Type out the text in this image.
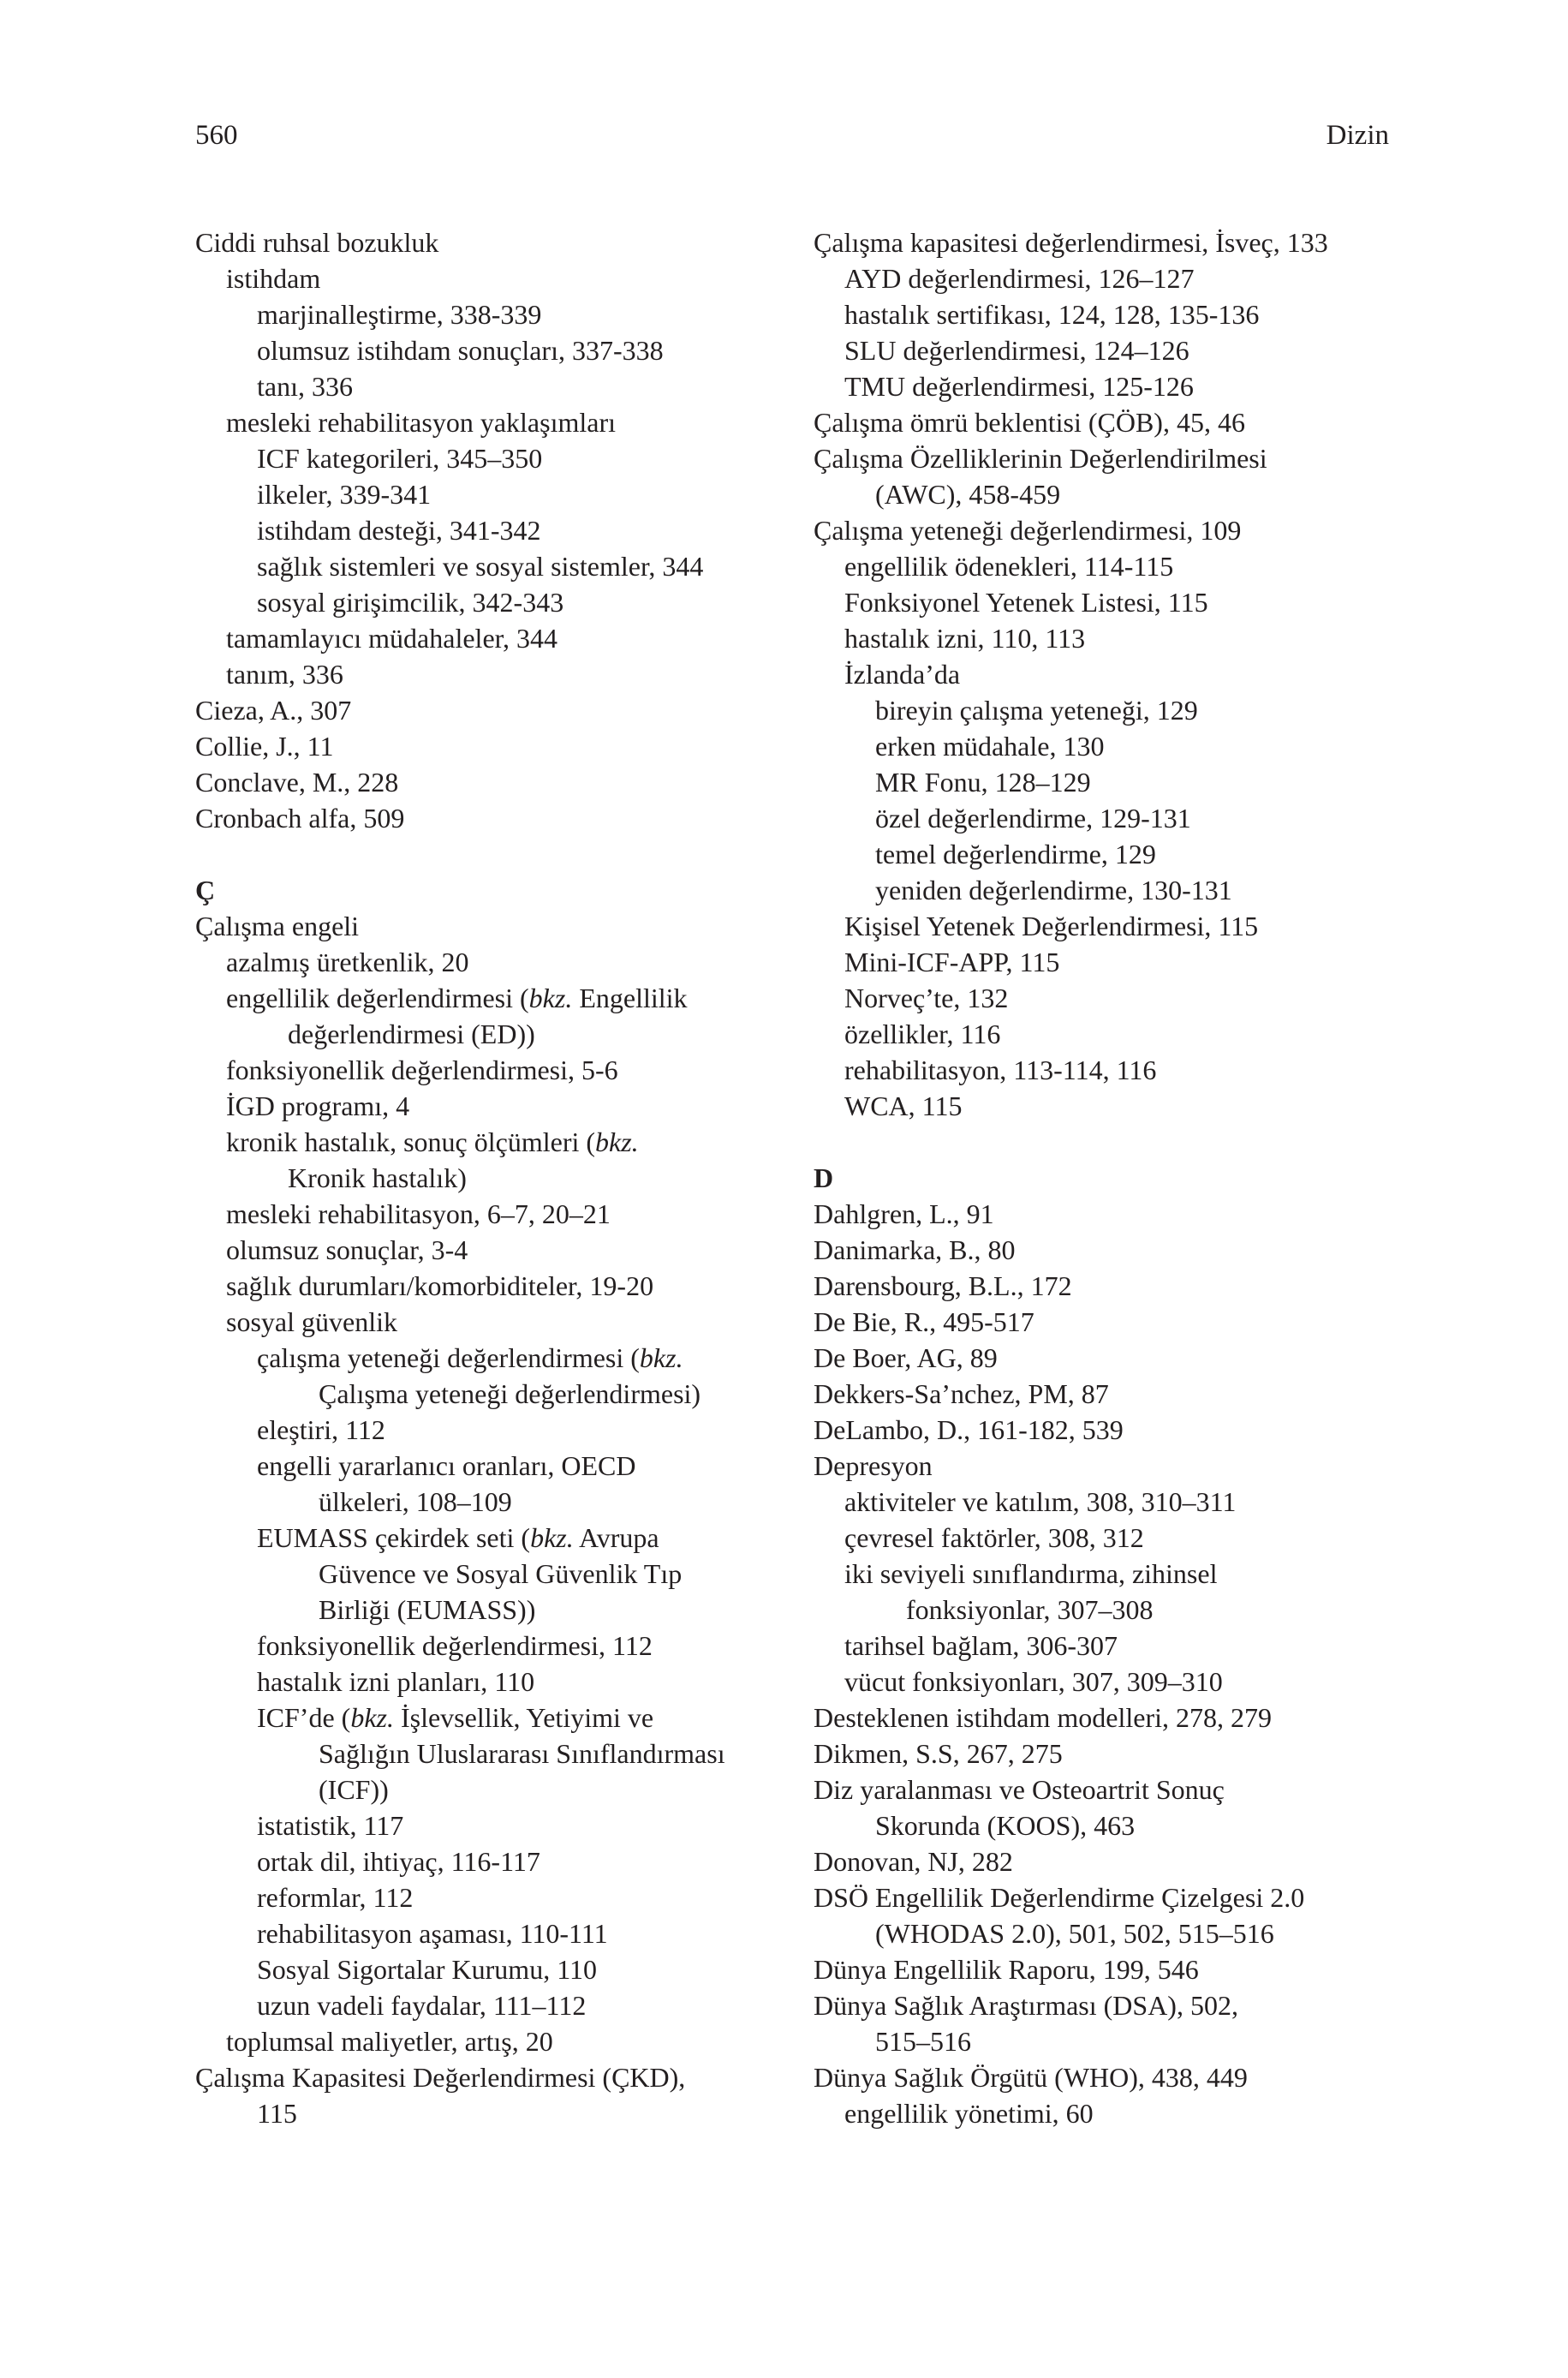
560	Dizin
Ciddi ruhsal bozukluk
istihdam
marjinalleştirme, 338-339
olumsuz istihdam sonuçları, 337-338
tanı, 336
mesleki rehabilitasyon yaklaşımları
ICF kategorileri, 345–350
ilkeler, 339-341
istihdam desteği, 341-342
sağlık sistemleri ve sosyal sistemler, 344
sosyal girişimcilik, 342-343
tamamlayıcı müdahaleler, 344
tanım, 336
Cieza, A., 307
Collie, J., 11
Conclave, M., 228
Cronbach alfa, 509
Ç
Çalışma engeli
azalmış üretkenlik, 20
engellilik değerlendirmesi (bkz. Engellilik
değerlendirmesi (ED))
fonksiyonellik değerlendirmesi, 5-6
İGD programı, 4
kronik hastalık, sonuç ölçümleri (bkz.
Kronik hastalık)
mesleki rehabilitasyon, 6–7, 20–21
olumsuz sonuçlar, 3-4
sağlık durumları/komorbiditeler, 19-20
sosyal güvenlik
çalışma yeteneği değerlendirmesi (bkz.
Çalışma yeteneği değerlendirmesi)
eleştiri, 112
engelli yararlanıcı oranları, OECD
ülkeleri, 108–109
EUMASS çekirdek seti (bkz. Avrupa
Güvence ve Sosyal Güvenlik Tıp
Birliği (EUMASS))
fonksiyonellik değerlendirmesi, 112
hastalık izni planları, 110
ICF’de (bkz. İşlevsellik, Yetiyimi ve
Sağlığın Uluslararası Sınıflandırması
(ICF))
istatistik, 117
ortak dil, ihtiyaç, 116-117
reformlar, 112
rehabilitasyon aşaması, 110-111
Sosyal Sigortalar Kurumu, 110
uzun vadeli faydalar, 111–112
toplumsal maliyetler, artış, 20
Çalışma Kapasitesi Değerlendirmesi (ÇKD),
115
Çalışma kapasitesi değerlendirmesi, İsveç, 133
AYD değerlendirmesi, 126–127
hastalık sertifikası, 124, 128, 135-136
SLU değerlendirmesi, 124–126
TMU değerlendirmesi, 125-126
Çalışma ömrü beklentisi (ÇÖB), 45, 46
Çalışma Özelliklerinin Değerlendirilmesi
(AWC), 458-459
Çalışma yeteneği değerlendirmesi, 109
engellilik ödenekleri, 114-115
Fonksiyonel Yetenek Listesi, 115
hastalık izni, 110, 113
İzlanda’da
bireyin çalışma yeteneği, 129
erken müdahale, 130
MR Fonu, 128–129
özel değerlendirme, 129-131
temel değerlendirme, 129
yeniden değerlendirme, 130-131
Kişisel Yetenek Değerlendirmesi, 115
Mini-ICF-APP, 115
Norveç’te, 132
özellikler, 116
rehabilitasyon, 113-114, 116
WCA, 115
D
Dahlgren, L., 91
Danimarka, B., 80
Darensbourg, B.L., 172
De Bie, R., 495-517
De Boer, AG, 89
Dekkers-Sa’nchez, PM, 87
DeLambo, D., 161-182, 539
Depresyon
aktiviteler ve katılım, 308, 310–311
çevresel faktörler, 308, 312
iki seviyeli sınıflandırma, zihinsel
fonksiyonlar, 307–308
tarihsel bağlam, 306-307
vücut fonksiyonları, 307, 309–310
Desteklenen istihdam modelleri, 278, 279
Dikmen, S.S, 267, 275
Diz yaralanması ve Osteoartrit Sonuç
Skorunda (KOOS), 463
Donovan, NJ, 282
DSÖ Engellilik Değerlendirme Çizelgesi 2.0
(WHODAS 2.0), 501, 502, 515–516
Dünya Engellilik Raporu, 199, 546
Dünya Sağlık Araştırması (DSA), 502,
515–516
Dünya Sağlık Örgütü (WHO), 438, 449
engellilik yönetimi, 60
